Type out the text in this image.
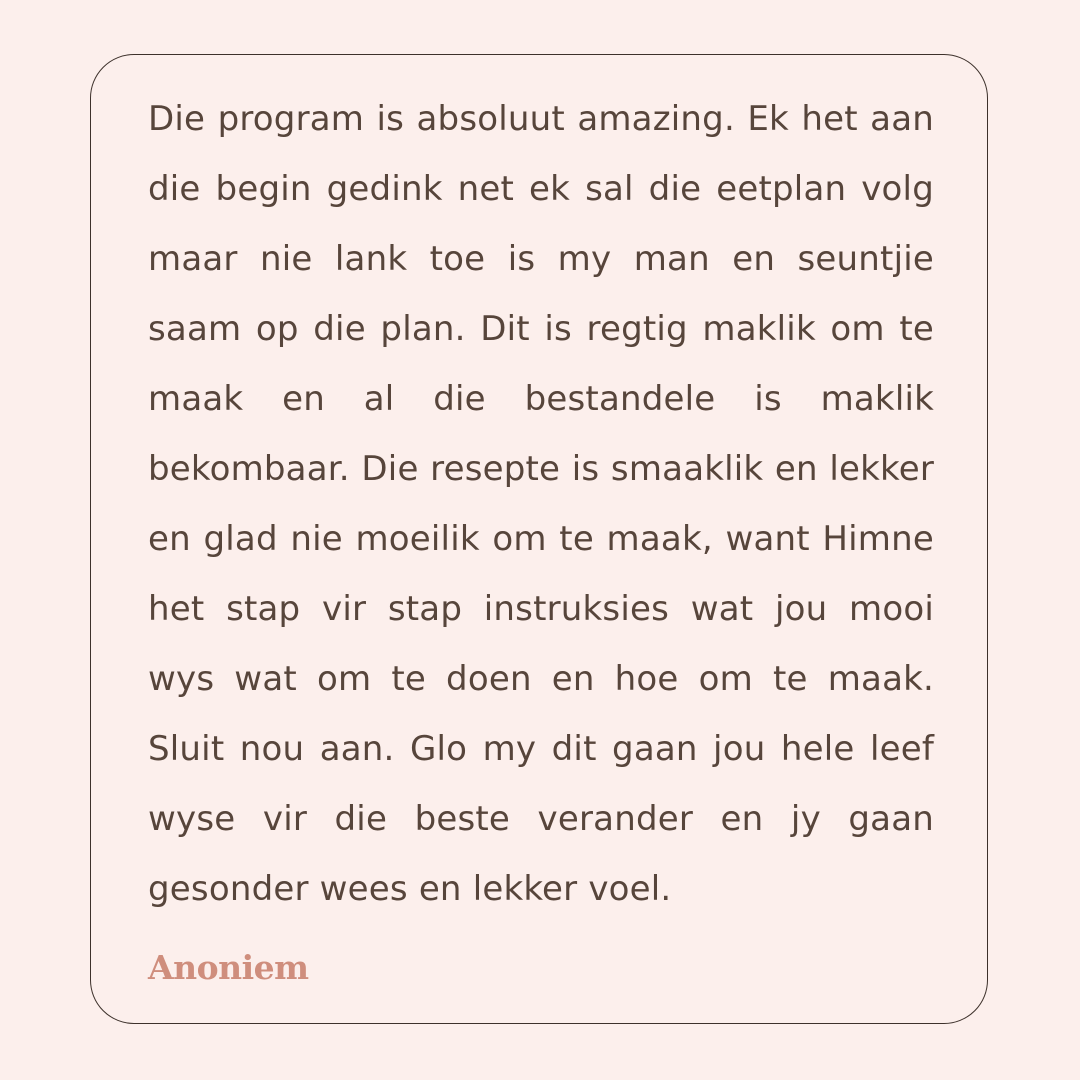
Die program is absoluut amazing. Ek het aan die begin gedink net ek sal die eetplan volg maar nie lank toe is my man en seuntjie saam op die plan. Dit is regtig maklik om te maak en al die bestandele is maklik bekombaar. Die resepte is smaaklik en lekker en glad nie moeilik om te maak, want Himne het stap vir stap instruksies wat jou mooi wys wat om te doen en hoe om te maak. Sluit nou aan. Glo my dit gaan jou hele leef wyse vir die beste verander en jy gaan gesonder wees en lekker voel.

Anoniem
